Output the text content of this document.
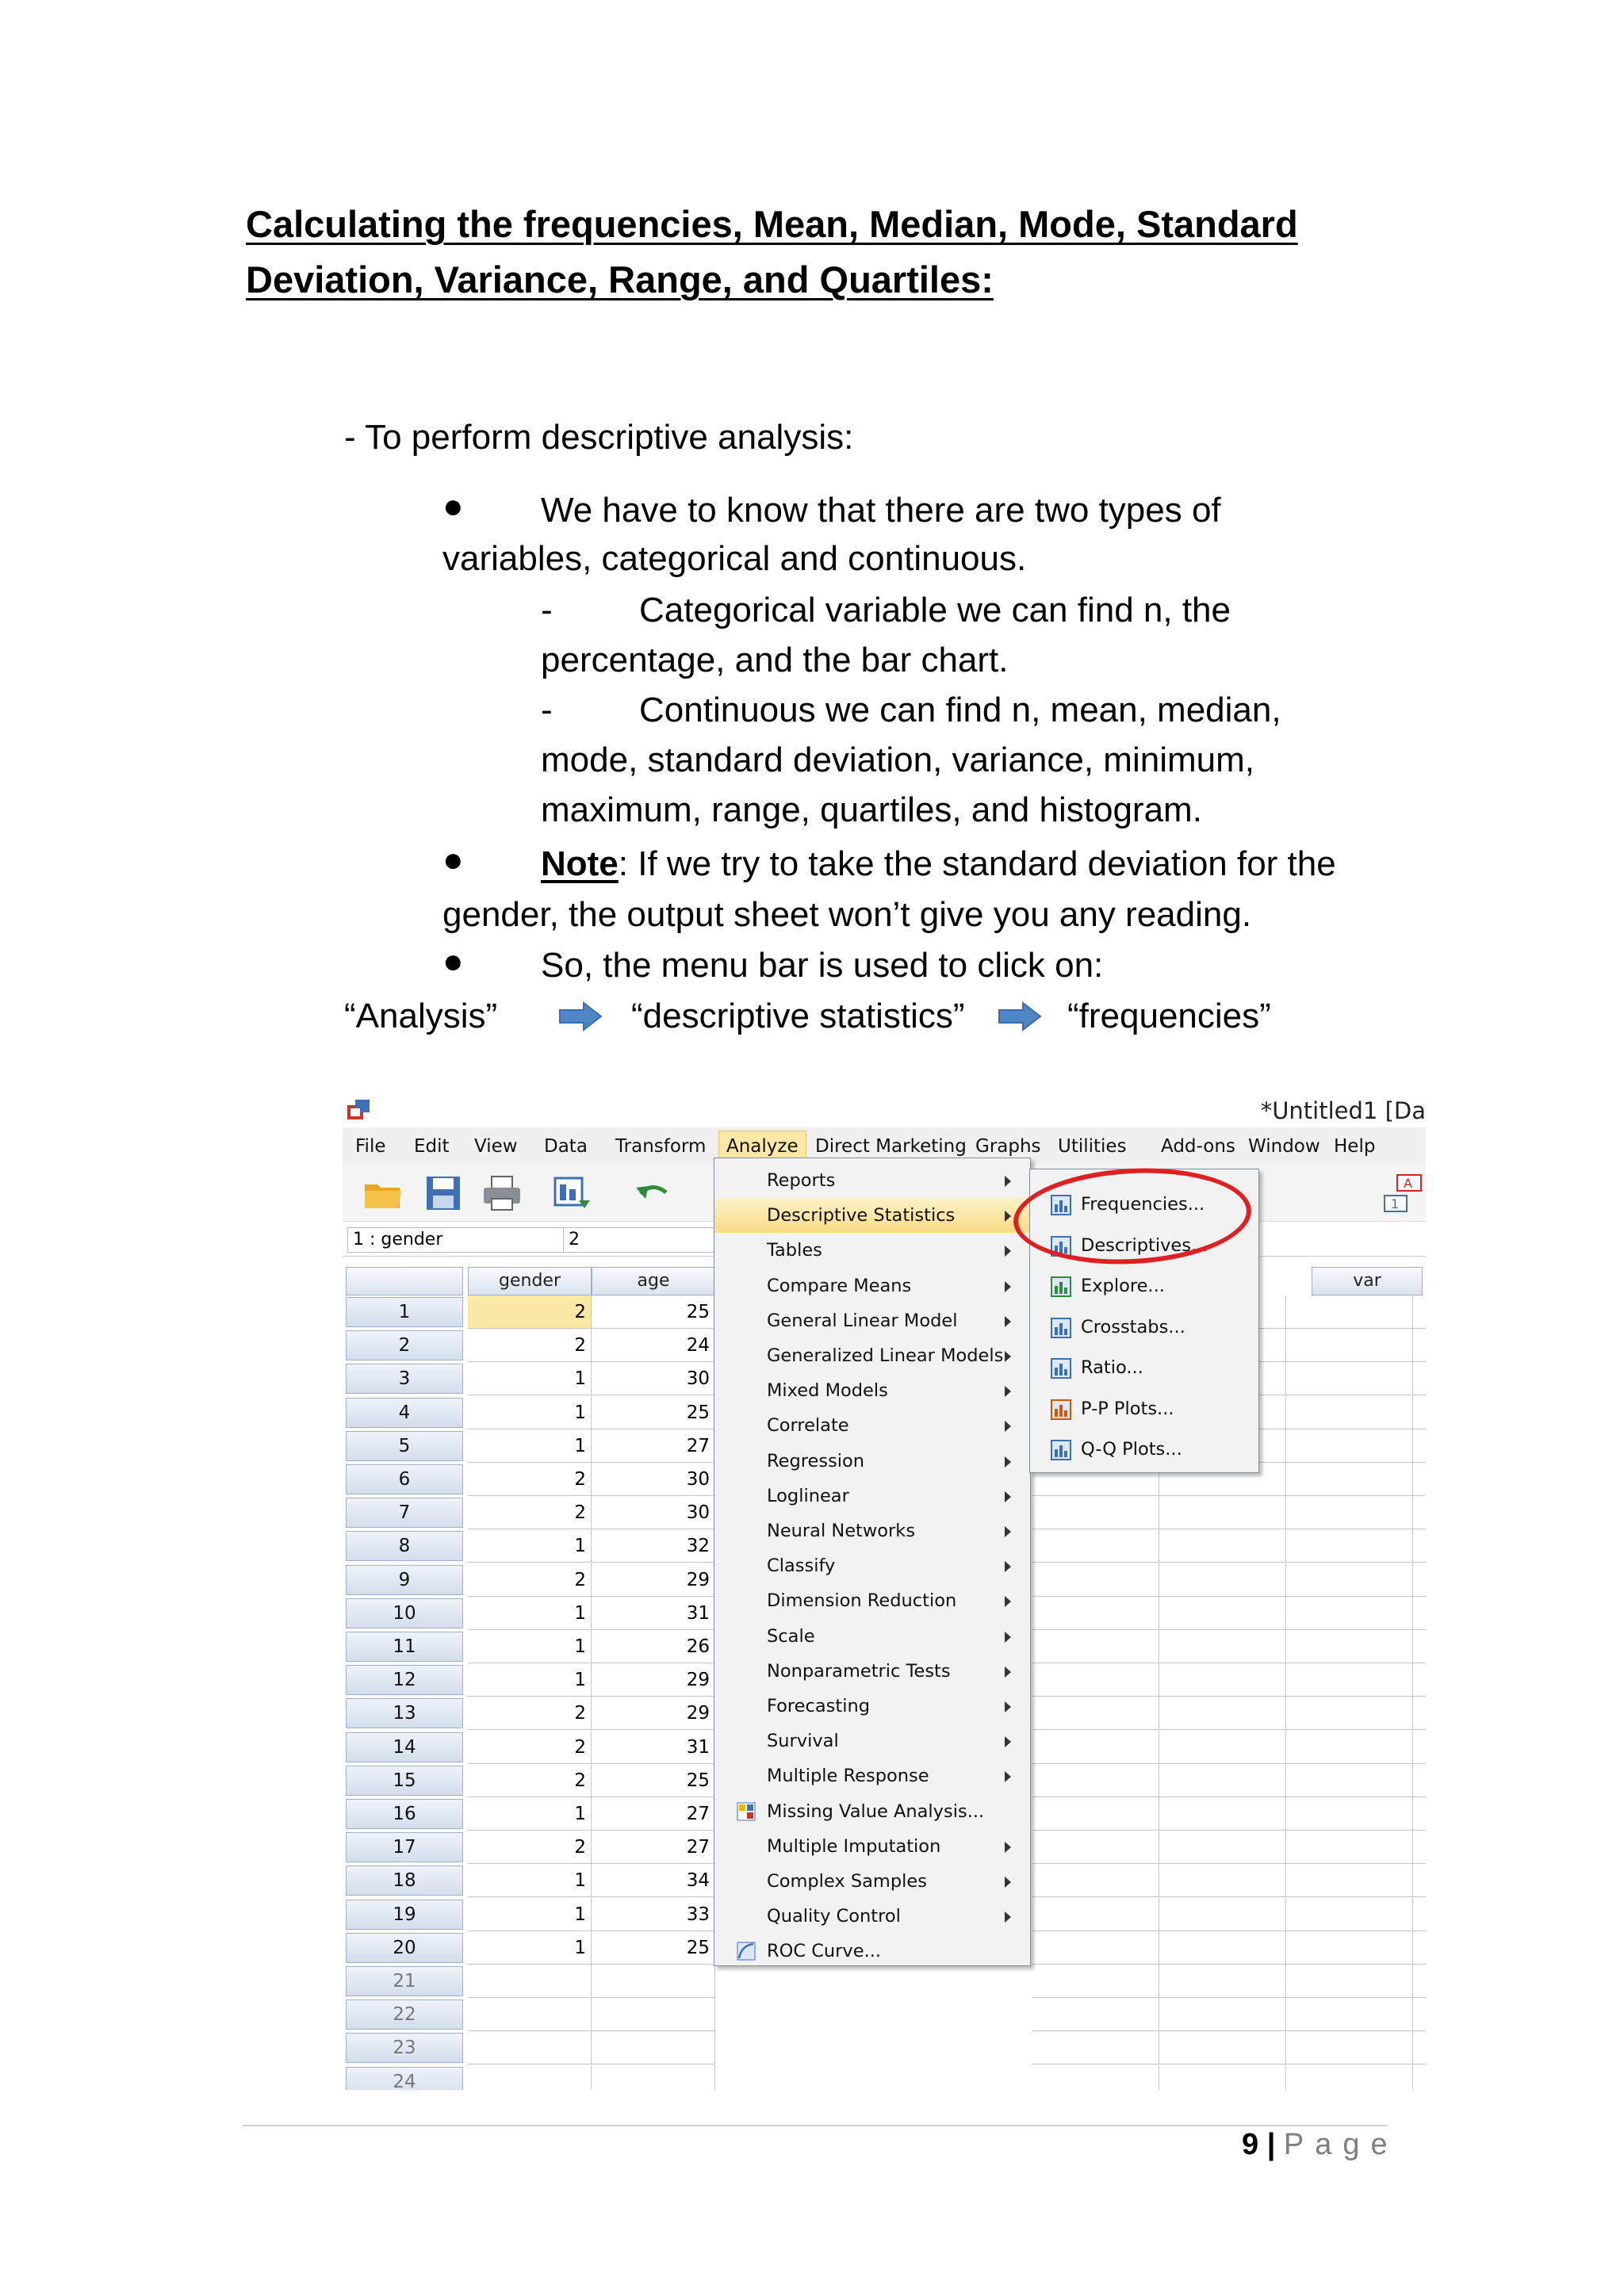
Calculating the frequencies, Mean, Median, Mode, Standard
Deviation, Variance, Range, and Quartiles:
- To perform descriptive analysis:
● We have to know that there are two types of
variables, categorical and continuous.
- Categorical variable we can find n, the
percentage, and the bar chart.
- Continuous we can find n, mean, median,
mode, standard deviation, variance, minimum,
maximum, range, quartiles, and histogram.
● Note: If we try to take the standard deviation for the
gender, the output sheet won’t give you any reading.
● So, the menu bar is used to click on:
“Analysis”	“descriptive statistics”	“frequencies”
*Untitled1 [Da
File Edit View Data Transform	Analyze Direct Marketing Graphs Utilities Add-ons Window Help
A
1
1 : gender	2
gender	age	var
1	2	25
2	2	24
3	1	30
4	1	25
5	1	27
6	2	30
7	2	30
8	1	32
9	2	29
10	1	31
11	1	26
12	1	29
13	2	29
14	2	31
15	2	25
16	1	27
17	2	27
18	1	34
19	1	33
20	1	25
21
22
23
24
Reports
Descriptive Statistics
Tables
Compare Means
General Linear Model
Generalized Linear Models
Mixed Models
Correlate
Regression
Loglinear
Neural Networks
Classify
Dimension Reduction
Scale
Nonparametric Tests
Forecasting
Survival
Multiple Response
Missing Value Analysis...
Multiple Imputation
Complex Samples
Quality Control
ROC Curve...
Frequencies...
Descriptives...
Explore...
Crosstabs...
Ratio...
P-P Plots...
Q-Q Plots...
9 | Page
